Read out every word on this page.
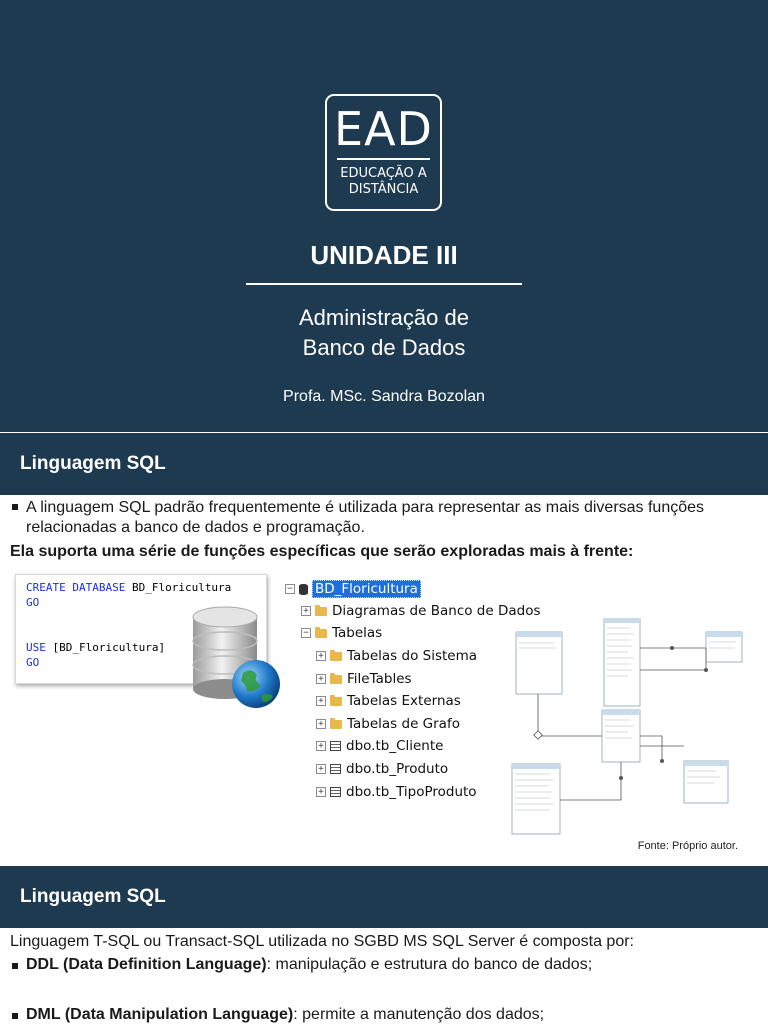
EAD
EDUCAÇÃO A
DISTÂNCIA
UNIDADE III
Administração de
Banco de Dados
Profa. MSc. Sandra Bozolan
Linguagem SQL
A linguagem SQL padrão frequentemente é utilizada para representar as mais diversas funções relacionadas a banco de dados e programação.
Ela suporta uma série de funções específicas que serão exploradas mais à frente:
CREATE DATABASE BD_Floricultura
GO
USE [BD_Floricultura]
GO
− BD_Floricultura
+ Diagramas de Banco de Dados
− Tabelas
+ Tabelas do Sistema
+ FileTables
+ Tabelas Externas
+ Tabelas de Grafo
+ dbo.tb_Cliente
+ dbo.tb_Produto
+ dbo.tb_TipoProduto
Fonte: Próprio autor.
Linguagem SQL
Linguagem T-SQL ou Transact-SQL utilizada no SGBD MS SQL Server é composta por:
DDL (Data Definition Language): manipulação e estrutura do banco de dados;
DML (Data Manipulation Language): permite a manutenção dos dados;
